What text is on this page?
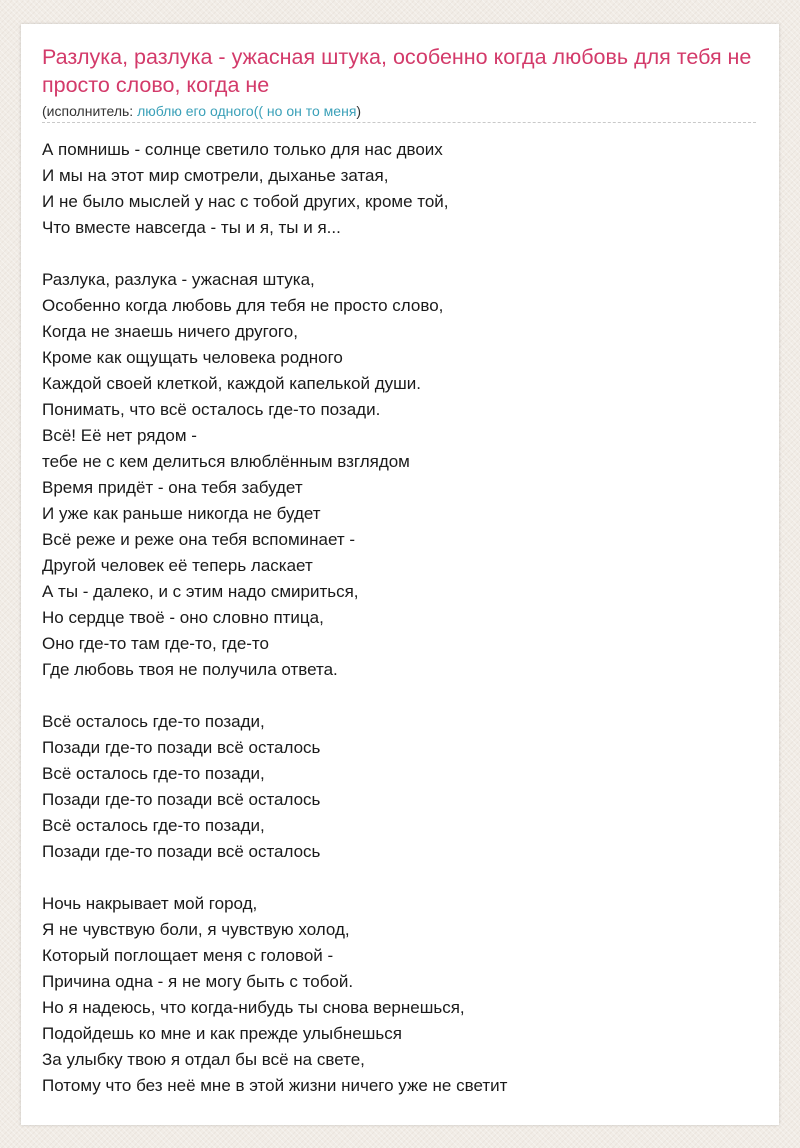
Разлука, разлука - ужасная штука, особенно когда любовь для тебя не просто слово, когда не
(исполнитель: люблю его одного(( но он то меня)
А помнишь - солнце светило только для нас двоих
И мы на этот мир смотрели, дыханье затая,
И не было мыслей у нас с тобой других, кроме той,
Что вместе навсегда - ты и я, ты и я...
Разлука, разлука - ужасная штука,
Особенно когда любовь для тебя не просто слово,
Когда не знаешь ничего другого,
Кроме как ощущать человека родного
Каждой своей клеткой, каждой капелькой души.
Понимать, что всё осталось где-то позади.
Всё! Её нет рядом -
тебе не с кем делиться влюблённым взглядом
Время придёт - она тебя забудет
И уже как раньше никогда не будет
Всё реже и реже она тебя вспоминает -
Другой человек её теперь ласкает
А ты - далеко, и с этим надо смириться,
Но сердце твоё - оно словно птица,
Оно где-то там где-то, где-то
Где любовь твоя не получила ответа.
Всё осталось где-то позади,
Позади где-то позади всё осталось
Всё осталось где-то позади,
Позади где-то позади всё осталось
Всё осталось где-то позади,
Позади где-то позади всё осталось
Ночь накрывает мой город,
Я не чувствую боли, я чувствую холод,
Который поглощает меня с головой -
Причина одна - я не могу быть с тобой.
Но я надеюсь, что когда-нибудь ты снова вернешься,
Подойдешь ко мне и как прежде улыбнешься
За улыбку твою я отдал бы всё на свете,
Потому что без неё мне в этой жизни ничего уже не светит
